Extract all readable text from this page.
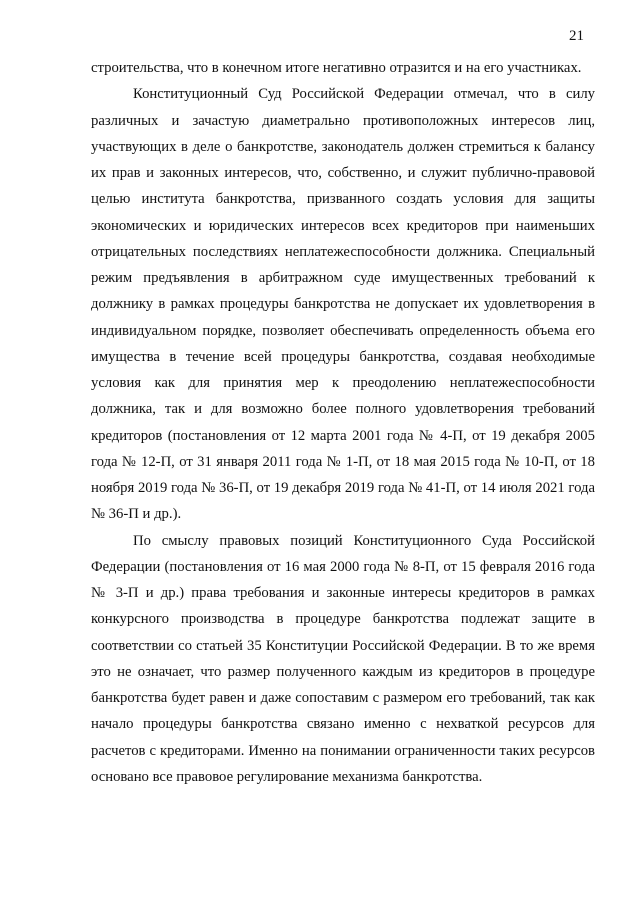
21

строительства, что в конечном итоге негативно отразится и на его участниках.

Конституционный Суд Российской Федерации отмечал, что в силу различных и зачастую диаметрально противоположных интересов лиц, участвующих в деле о банкротстве, законодатель должен стремиться к балансу их прав и законных интересов, что, собственно, и служит публично-правовой целью института банкротства, призванного создать условия для защиты экономических и юридических интересов всех кредиторов при наименьших отрицательных последствиях неплатежеспособности должника. Специальный режим предъявления в арбитражном суде имущественных требований к должнику в рамках процедуры банкротства не допускает их удовлетворения в индивидуальном порядке, позволяет обеспечивать определенность объема его имущества в течение всей процедуры банкротства, создавая необходимые условия как для принятия мер к преодолению неплатежеспособности должника, так и для возможно более полного удовлетворения требований кредиторов (постановления от 12 марта 2001 года № 4-П, от 19 декабря 2005 года № 12-П, от 31 января 2011 года № 1-П, от 18 мая 2015 года № 10-П, от 18 ноября 2019 года № 36-П, от 19 декабря 2019 года № 41-П, от 14 июля 2021 года № 36-П и др.).

По смыслу правовых позиций Конституционного Суда Российской Федерации (постановления от 16 мая 2000 года № 8-П, от 15 февраля 2016 года № 3-П и др.) права требования и законные интересы кредиторов в рамках конкурсного производства в процедуре банкротства подлежат защите в соответствии со статьей 35 Конституции Российской Федерации. В то же время это не означает, что размер полученного каждым из кредиторов в процедуре банкротства будет равен и даже сопоставим с размером его требований, так как начало процедуры банкротства связано именно с нехваткой ресурсов для расчетов с кредиторами. Именно на понимании ограниченности таких ресурсов основано все правовое регулирование механизма банкротства.
